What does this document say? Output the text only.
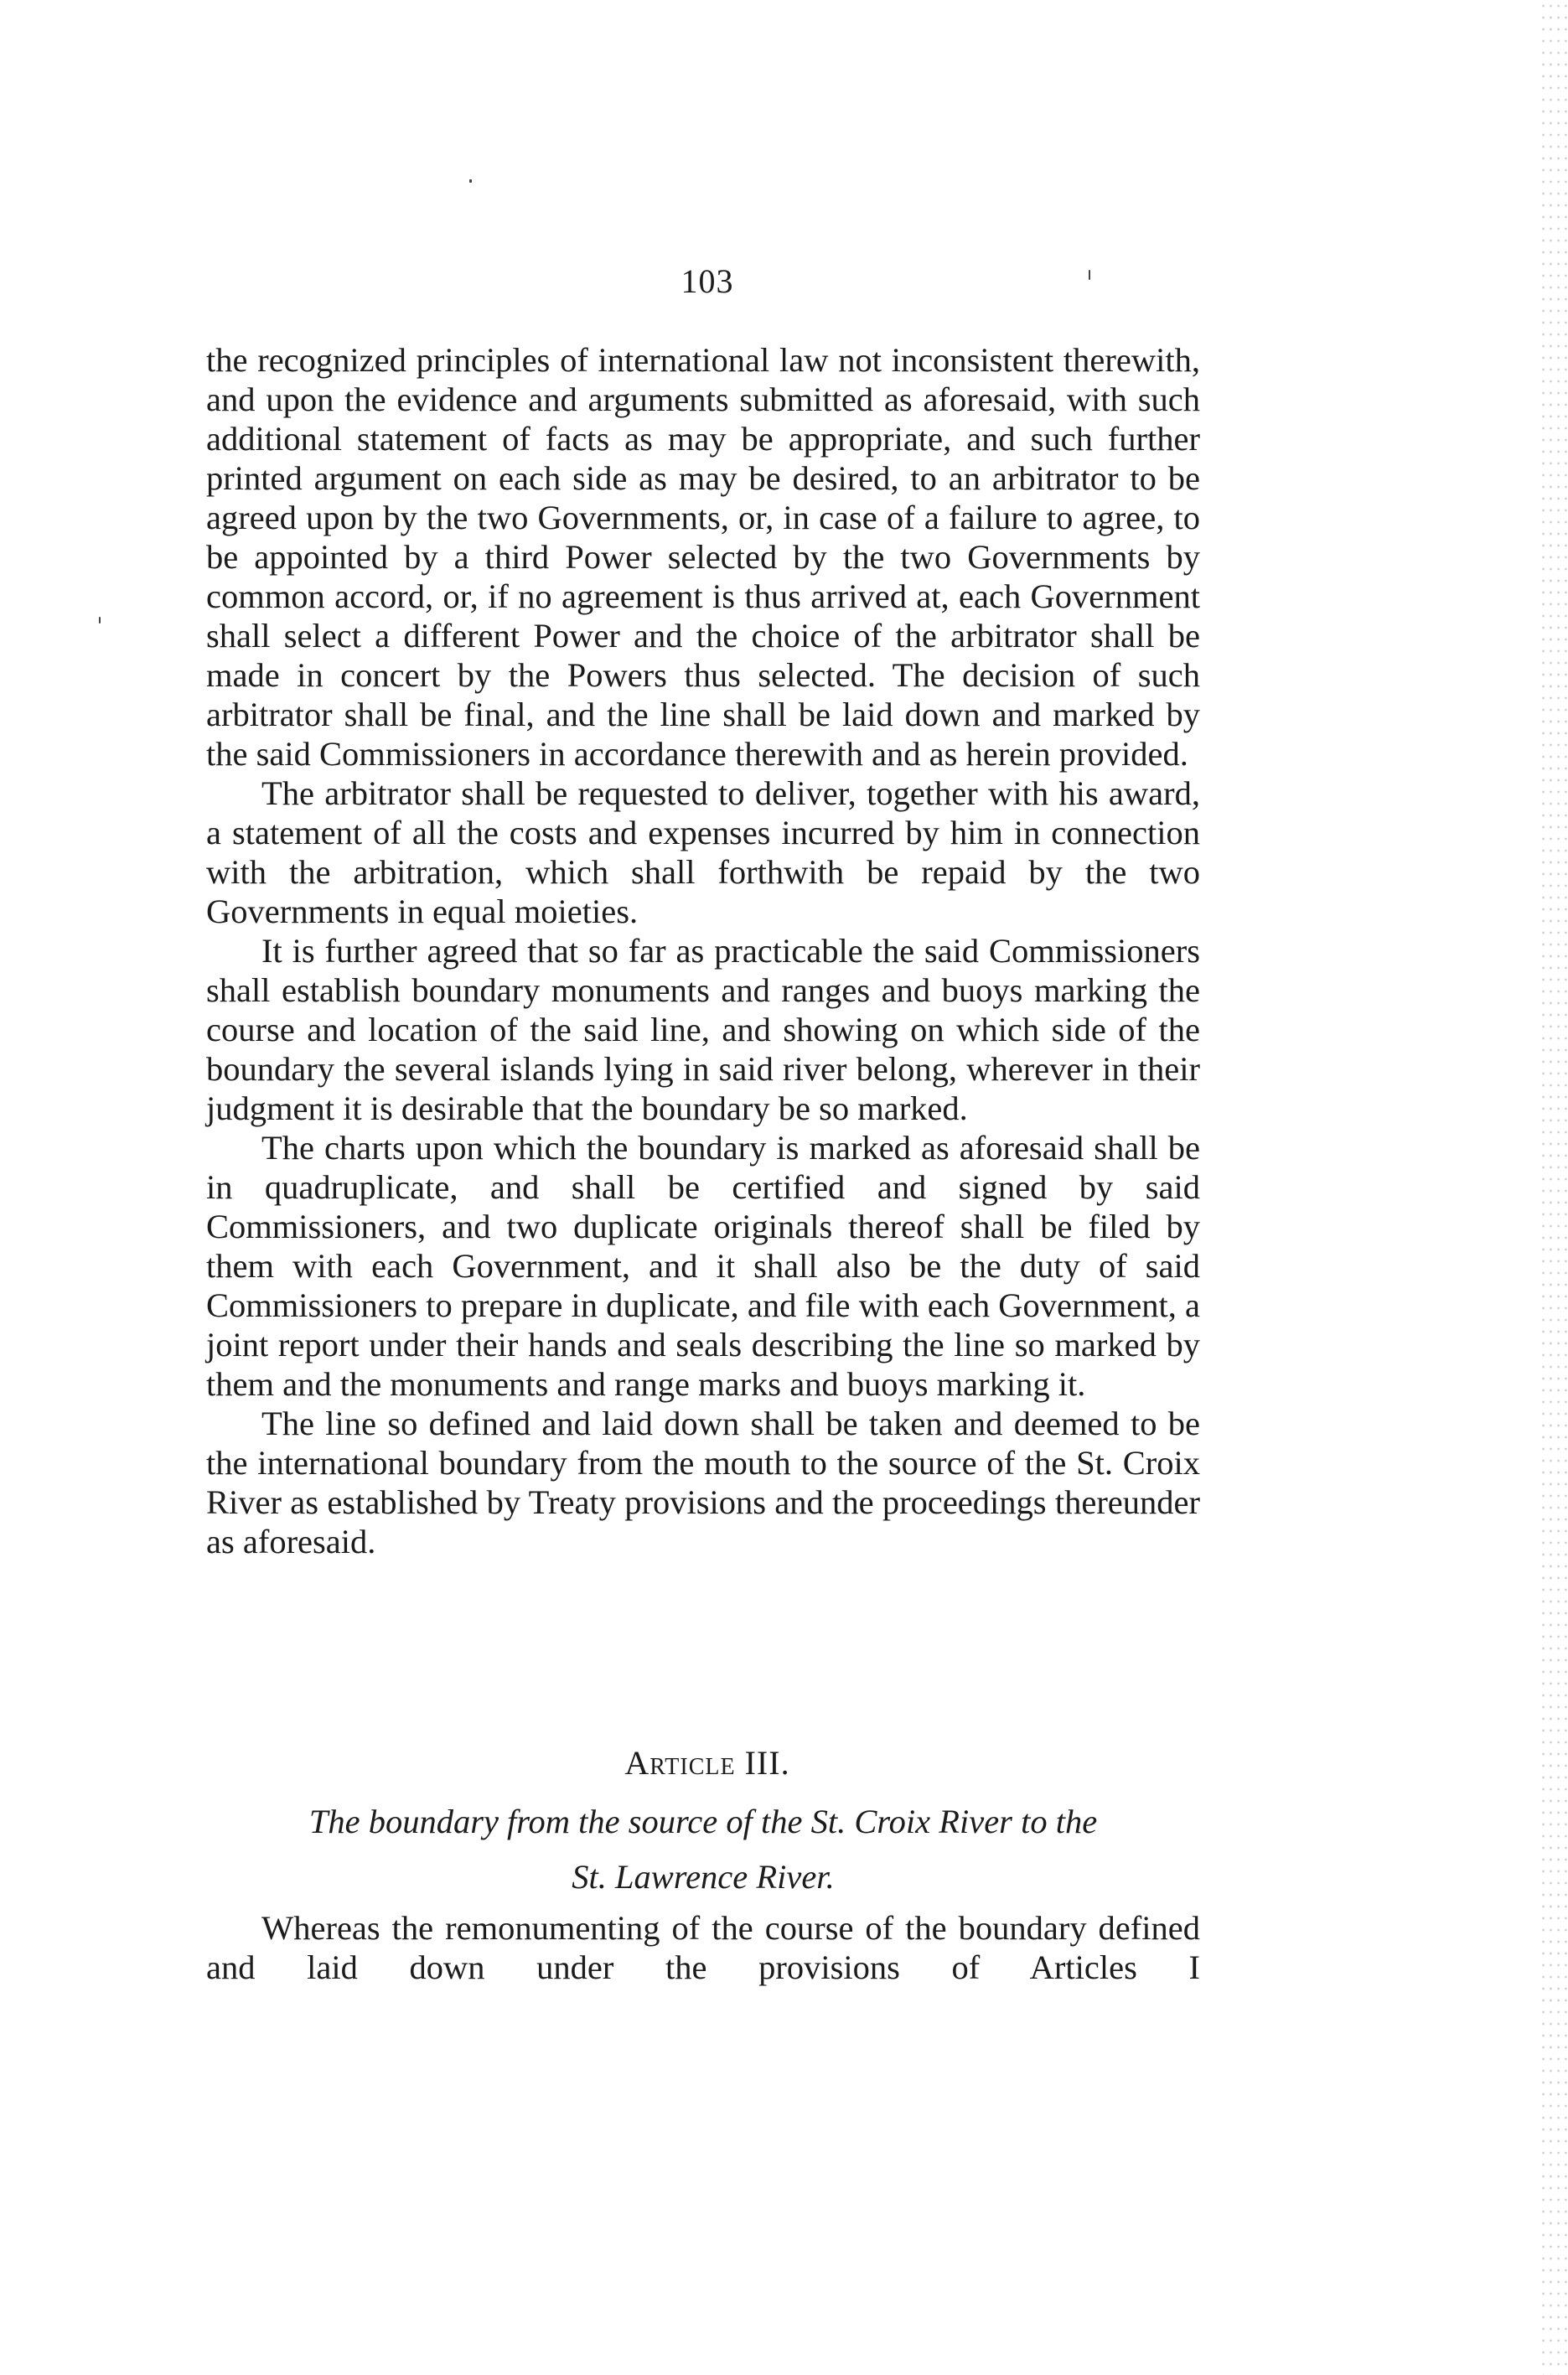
103

the recognized principles of international law not inconsistent therewith, and upon the evidence and arguments submitted as aforesaid, with such additional statement of facts as may be appropriate, and such further printed argument on each side as may be desired, to an arbitrator to be agreed upon by the two Governments, or, in case of a failure to agree, to be appointed by a third Power selected by the two Governments by common accord, or, if no agreement is thus arrived at, each Government shall select a different Power and the choice of the arbitrator shall be made in concert by the Powers thus selected. The decision of such arbitrator shall be final, and the line shall be laid down and marked by the said Commissioners in accordance therewith and as herein provided.

The arbitrator shall be requested to deliver, together with his award, a statement of all the costs and expenses incurred by him in connection with the arbitration, which shall forthwith be repaid by the two Governments in equal moieties.

It is further agreed that so far as practicable the said Commissioners shall establish boundary monuments and ranges and buoys marking the course and location of the said line, and showing on which side of the boundary the several islands lying in said river belong, wherever in their judgment it is desirable that the boundary be so marked.

The charts upon which the boundary is marked as aforesaid shall be in quadruplicate, and shall be certified and signed by said Commissioners, and two duplicate originals thereof shall be filed by them with each Government, and it shall also be the duty of said Commissioners to prepare in duplicate, and file with each Government, a joint report under their hands and seals describing the line so marked by them and the monuments and range marks and buoys marking it.

The line so defined and laid down shall be taken and deemed to be the international boundary from the mouth to the source of the St. Croix River as established by Treaty provisions and the proceedings thereunder as aforesaid.

Article III.
The boundary from the source of the St. Croix River to the
St. Lawrence River.

Whereas the remonumenting of the course of the boundary defined and laid down under the provisions of Articles I
